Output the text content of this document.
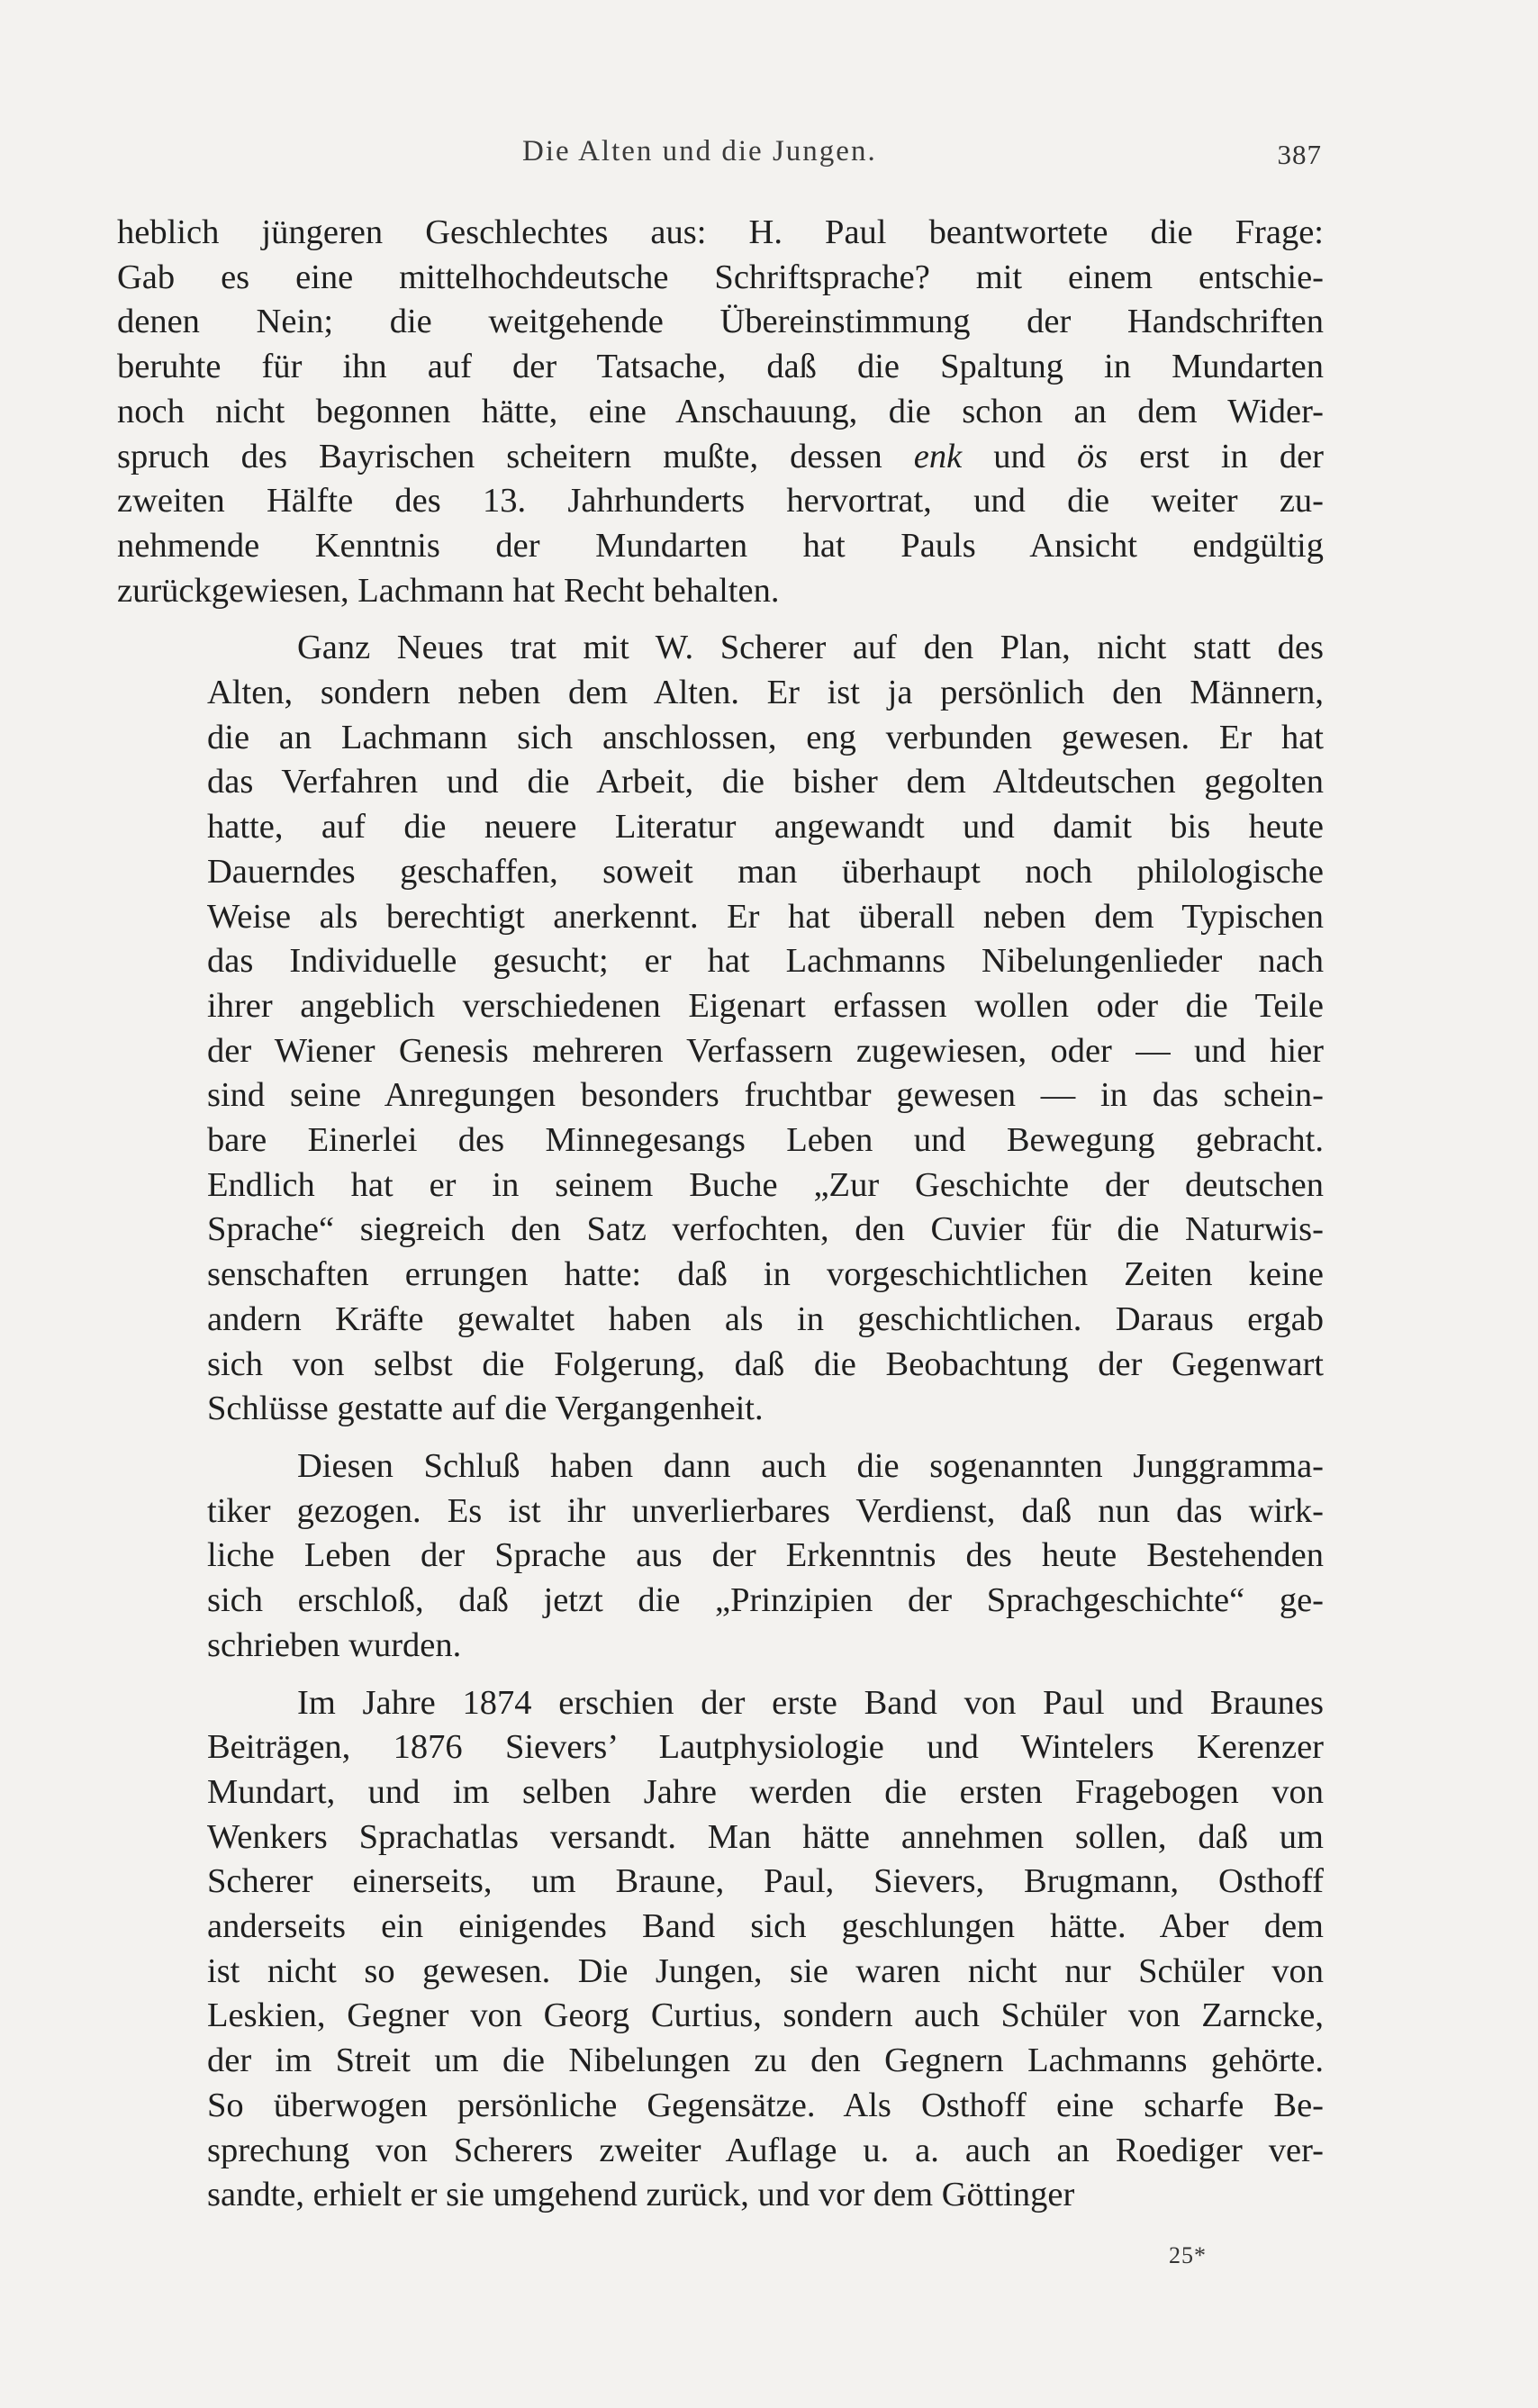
Die Alten und die Jungen.	387
heblich jüngeren Geschlechtes aus: H. Paul beantwortete die Frage:
Gab es eine mittelhochdeutsche Schriftsprache? mit einem entschie-
denen Nein; die weitgehende Übereinstimmung der Handschriften
beruhte für ihn auf der Tatsache, daß die Spaltung in Mundarten
noch nicht begonnen hätte, eine Anschauung, die schon an dem Wider-
spruch des Bayrischen scheitern mußte, dessen enk und ös erst in der
zweiten Hälfte des 13. Jahrhunderts hervortrat, und die weiter zu-
nehmende Kenntnis der Mundarten hat Pauls Ansicht endgültig
zurückgewiesen, Lachmann hat Recht behalten.
Ganz Neues trat mit W. Scherer auf den Plan, nicht statt des
Alten, sondern neben dem Alten. Er ist ja persönlich den Männern,
die an Lachmann sich anschlossen, eng verbunden gewesen. Er hat
das Verfahren und die Arbeit, die bisher dem Altdeutschen gegolten
hatte, auf die neuere Literatur angewandt und damit bis heute
Dauerndes geschaffen, soweit man überhaupt noch philologische
Weise als berechtigt anerkennt. Er hat überall neben dem Typischen
das Individuelle gesucht; er hat Lachmanns Nibelungenlieder nach
ihrer angeblich verschiedenen Eigenart erfassen wollen oder die Teile
der Wiener Genesis mehreren Verfassern zugewiesen, oder — und hier
sind seine Anregungen besonders fruchtbar gewesen — in das schein-
bare Einerlei des Minnegesangs Leben und Bewegung gebracht.
Endlich hat er in seinem Buche „Zur Geschichte der deutschen
Sprache“ siegreich den Satz verfochten, den Cuvier für die Naturwis-
senschaften errungen hatte: daß in vorgeschichtlichen Zeiten keine
andern Kräfte gewaltet haben als in geschichtlichen. Daraus ergab
sich von selbst die Folgerung, daß die Beobachtung der Gegenwart
Schlüsse gestatte auf die Vergangenheit.
Diesen Schluß haben dann auch die sogenannten Junggramma-
tiker gezogen. Es ist ihr unverlierbares Verdienst, daß nun das wirk-
liche Leben der Sprache aus der Erkenntnis des heute Bestehenden
sich erschloß, daß jetzt die „Prinzipien der Sprachgeschichte“ ge-
schrieben wurden.
Im Jahre 1874 erschien der erste Band von Paul und Braunes
Beiträgen, 1876 Sievers’ Lautphysiologie und Wintelers Kerenzer
Mundart, und im selben Jahre werden die ersten Fragebogen von
Wenkers Sprachatlas versandt. Man hätte annehmen sollen, daß um
Scherer einerseits, um Braune, Paul, Sievers, Brugmann, Osthoff
anderseits ein einigendes Band sich geschlungen hätte. Aber dem
ist nicht so gewesen. Die Jungen, sie waren nicht nur Schüler von
Leskien, Gegner von Georg Curtius, sondern auch Schüler von Zarncke,
der im Streit um die Nibelungen zu den Gegnern Lachmanns gehörte.
So überwogen persönliche Gegensätze. Als Osthoff eine scharfe Be-
sprechung von Scherers zweiter Auflage u. a. auch an Roediger ver-
sandte, erhielt er sie umgehend zurück, und vor dem Göttinger
25*
